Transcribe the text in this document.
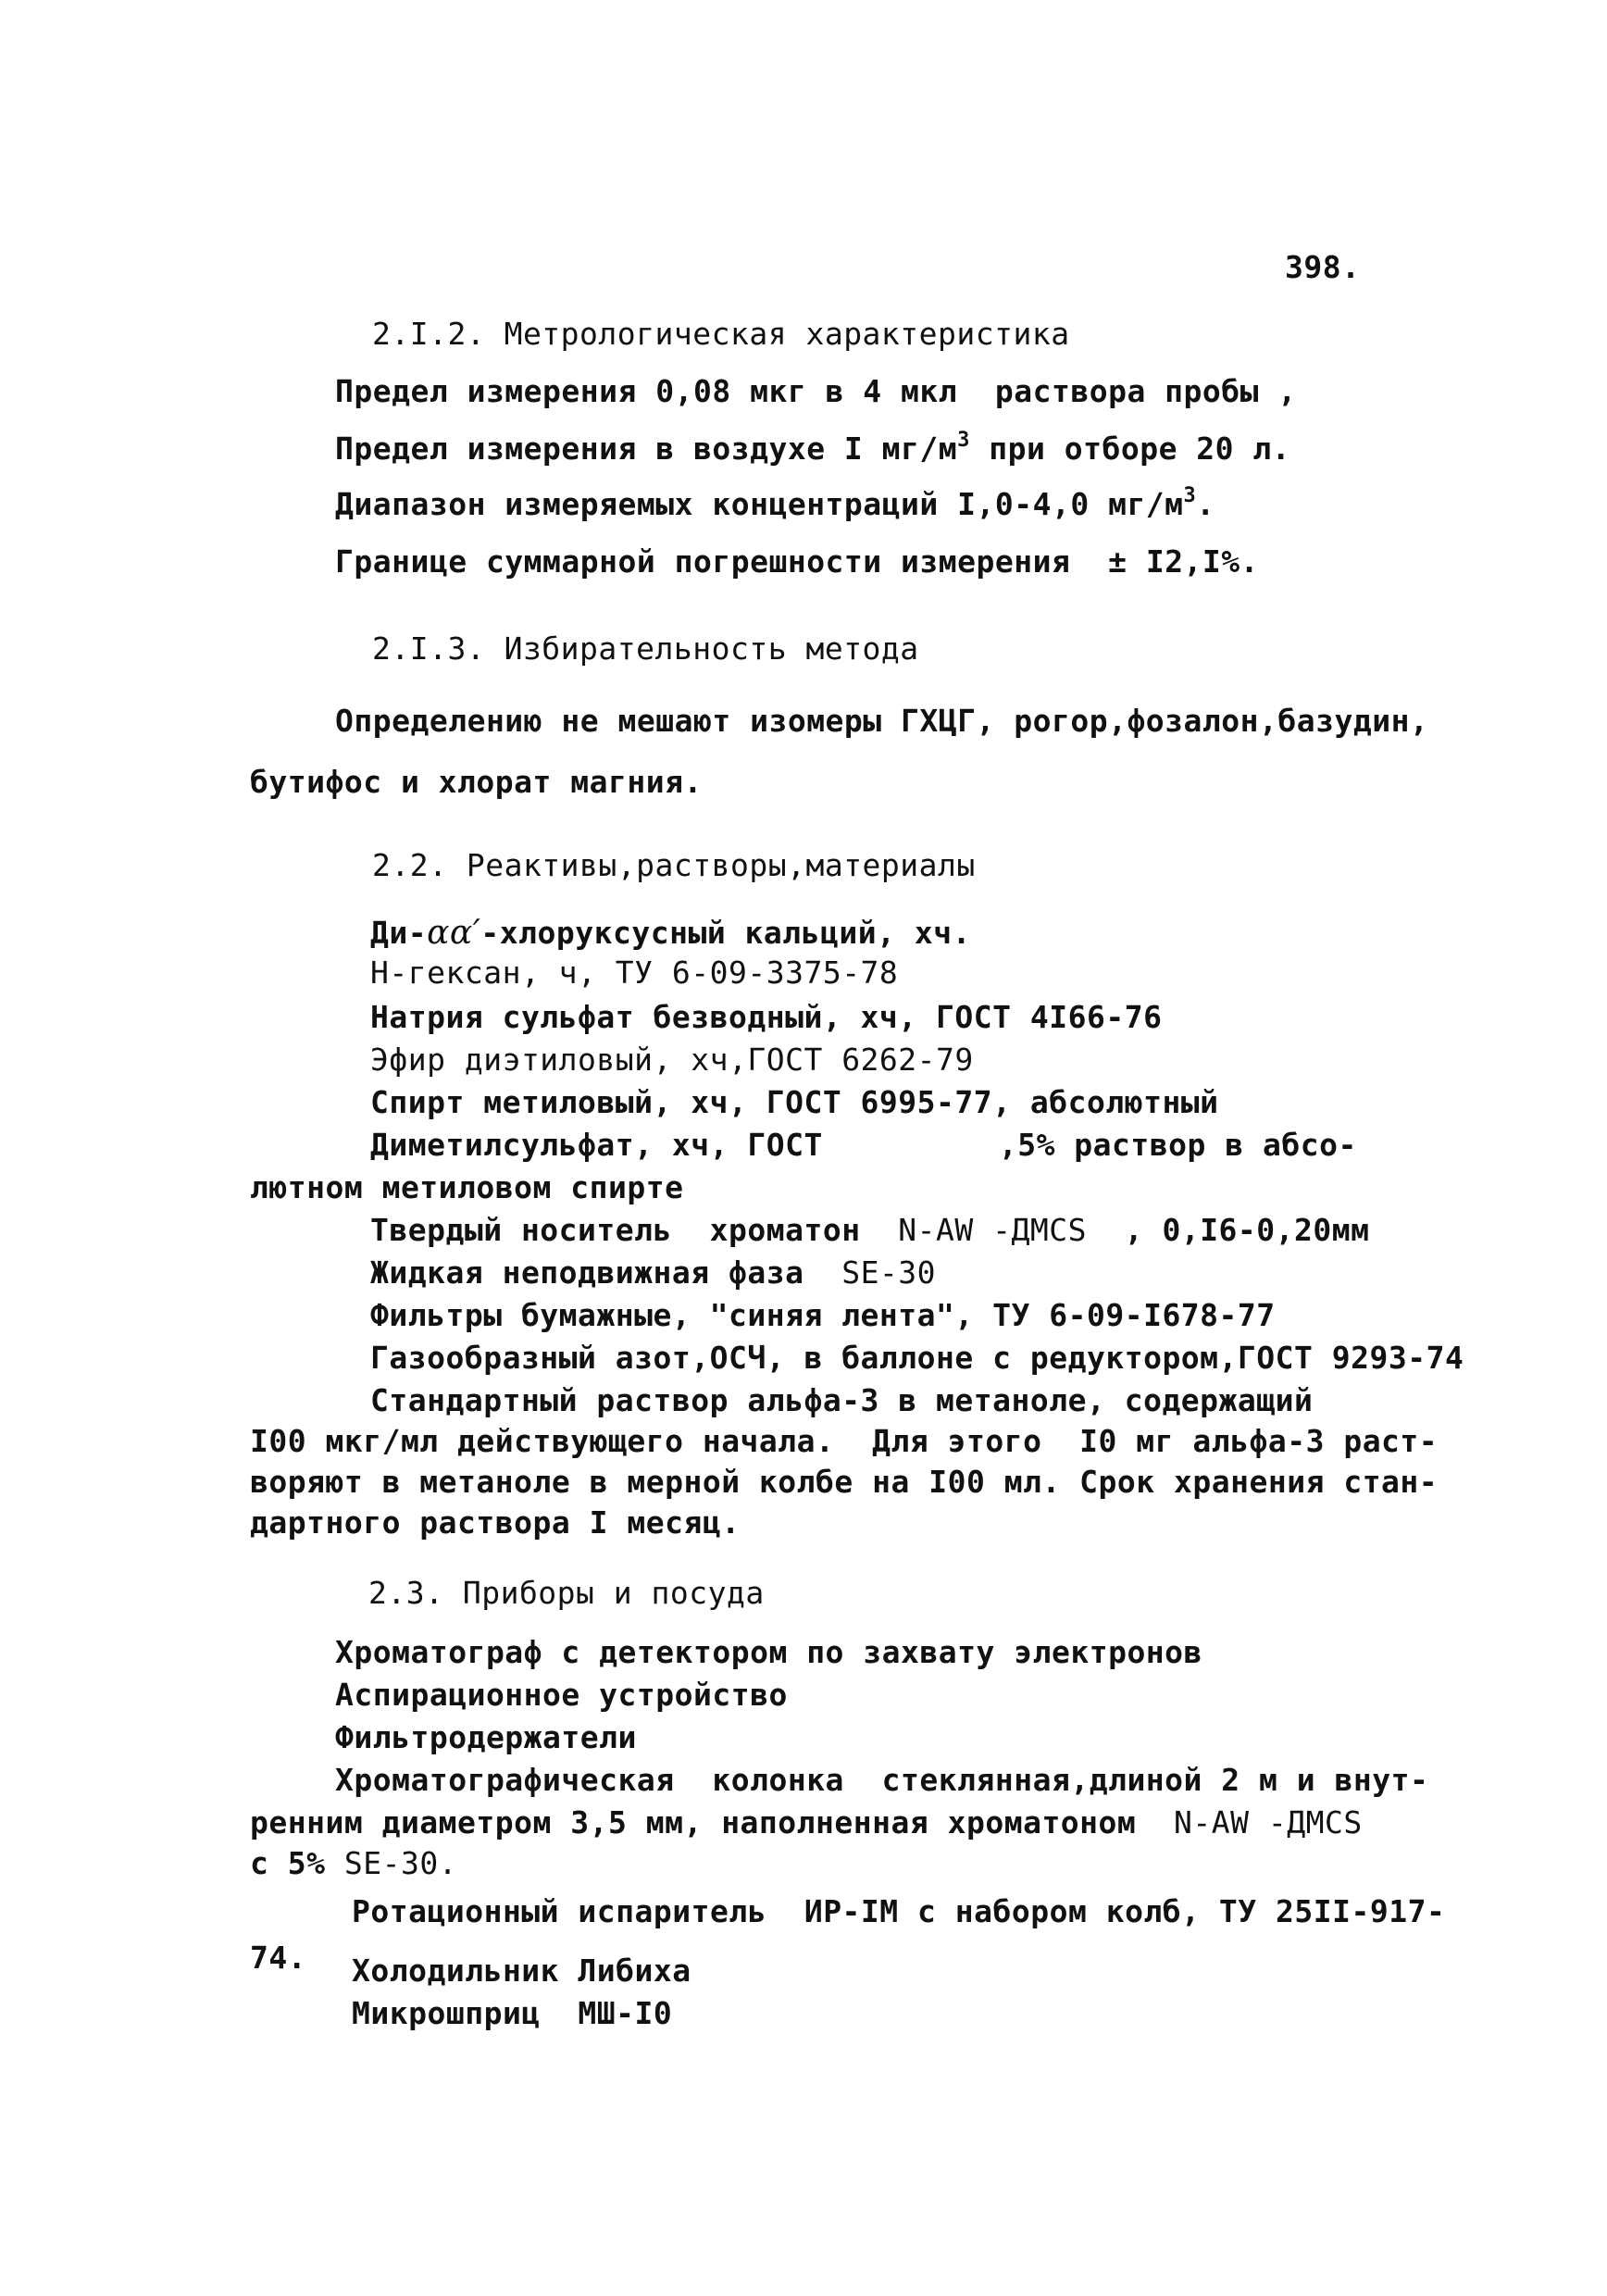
398.
2.I.2. Метрологическая характеристика
Предел измерения 0,08 мкг в 4 мкл  раствора пробы ,
Предел измерения в воздухе I $мг/м^3$ при отборе 20 л.
Диапазон измеряемых концентраций I,0-4,0 $мг/м^3$.
Границе суммарной погрешности измерения  ± I2,I%.
2.I.3. Избирательность метода
Определению не мешают изомеры ГХЦГ, рогор,фозалон,базудин,
бутифос и хлорат магния.
2.2. Реактивы,растворы,материалы
Ди-αα′-хлоруксусный кальций, хч.
Н-гексан, ч, ТУ 6-09-3375-78
Натрия сульфат безводный, хч, ГОСТ 4I66-76
Эфир диэтиловый, хч,ГОСТ 6262-79
Спирт метиловый, хч, ГОСТ 6995-77, абсолютный
Диметилсульфат, хч, ГОСТ	,5% раствор в абсо-
лютном метиловом спирте
Твердый носитель  хроматон  N-AW -ДМСS  , 0,I6-0,20мм
Жидкая неподвижная фаза  SE-30
Фильтры бумажные, "синяя лента", ТУ 6-09-I678-77
Газообразный азот,ОСЧ, в баллоне с редуктором,ГОСТ 9293-74
Стандартный раствор альфа-3 в метаноле, содержащий
I00 мкг/мл действующего начала.  Для этого  I0 мг альфа-3 раст-
воряют в метаноле в мерной колбе на I00 мл. Срок хранения стан-
дартного раствора I месяц.
2.3. Приборы и посуда
Хроматограф с детектором по захвату электронов
Аспирационное устройство
Фильтродержатели
Хроматографическая  колонка  стеклянная,длиной 2 м и внут-
ренним диаметром 3,5 мм, наполненная хроматоном  N-AW -ДМСS
с 5% SE-30.
Ротационный испаритель  ИР-IМ с набором колб, ТУ 25II-917-
74. Холодильник Либиха
Микрошприц  МШ-I0
